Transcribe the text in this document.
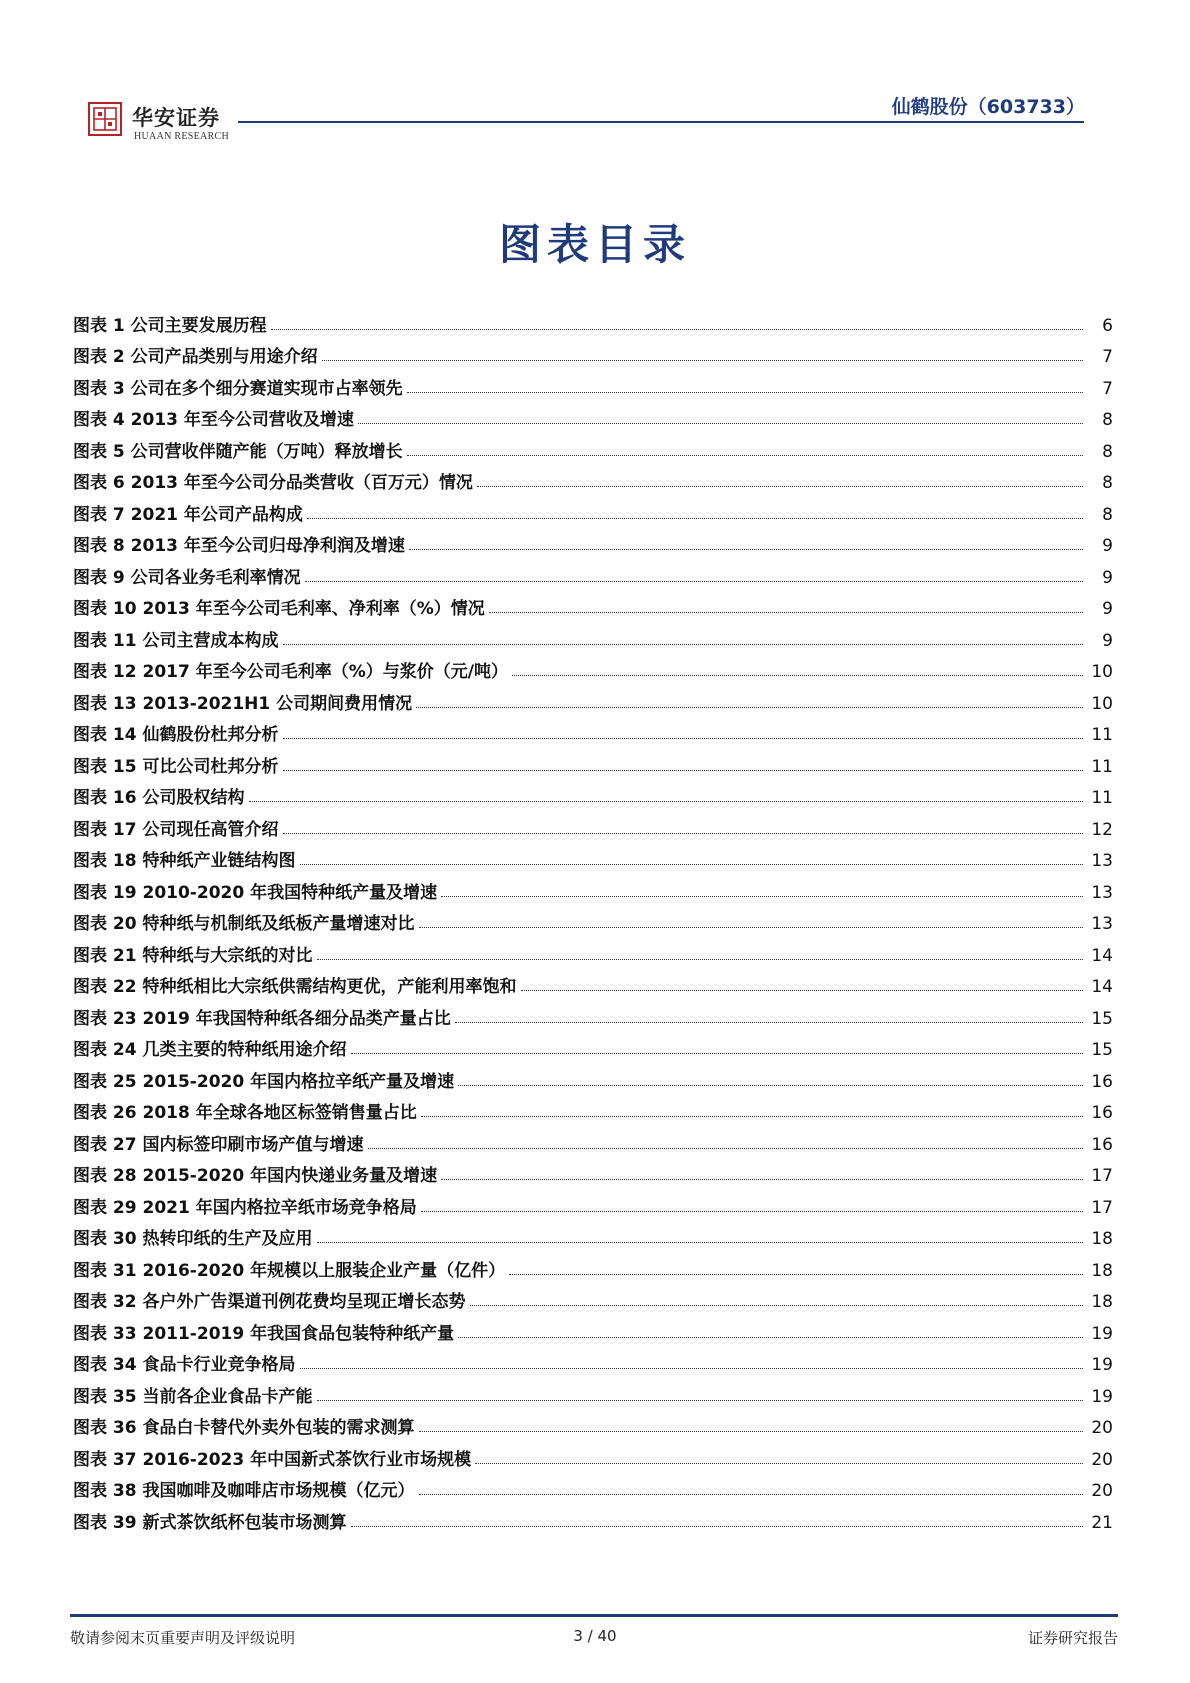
华安证券
HUAAN RESEARCH
仙鹤股份（603733）
图表目录
图表 1 公司主要发展历程	6
图表 2 公司产品类别与用途介绍	7
图表 3 公司在多个细分赛道实现市占率领先	7
图表 4 2013 年至今公司营收及增速	8
图表 5 公司营收伴随产能（万吨）释放增长	8
图表 6 2013 年至今公司分品类营收（百万元）情况	8
图表 7 2021 年公司产品构成	8
图表 8 2013 年至今公司归母净利润及增速	9
图表 9 公司各业务毛利率情况	9
图表 10 2013 年至今公司毛利率、净利率（%）情况	9
图表 11 公司主营成本构成	9
图表 12 2017 年至今公司毛利率（%）与浆价（元/吨）	10
图表 13 2013-2021H1 公司期间费用情况	10
图表 14 仙鹤股份杜邦分析	11
图表 15 可比公司杜邦分析	11
图表 16 公司股权结构	11
图表 17 公司现任高管介绍	12
图表 18 特种纸产业链结构图	13
图表 19 2010-2020 年我国特种纸产量及增速	13
图表 20 特种纸与机制纸及纸板产量增速对比	13
图表 21 特种纸与大宗纸的对比	14
图表 22 特种纸相比大宗纸供需结构更优，产能利用率饱和	14
图表 23 2019 年我国特种纸各细分品类产量占比	15
图表 24 几类主要的特种纸用途介绍	15
图表 25 2015-2020 年国内格拉辛纸产量及增速	16
图表 26 2018 年全球各地区标签销售量占比	16
图表 27 国内标签印刷市场产值与增速	16
图表 28 2015-2020 年国内快递业务量及增速	17
图表 29 2021 年国内格拉辛纸市场竞争格局	17
图表 30 热转印纸的生产及应用	18
图表 31 2016-2020 年规模以上服装企业产量（亿件）	18
图表 32 各户外广告渠道刊例花费均呈现正增长态势	18
图表 33 2011-2019 年我国食品包装特种纸产量	19
图表 34 食品卡行业竞争格局	19
图表 35 当前各企业食品卡产能	19
图表 36 食品白卡替代外卖外包装的需求测算	20
图表 37 2016-2023 年中国新式茶饮行业市场规模	20
图表 38 我国咖啡及咖啡店市场规模（亿元）	20
图表 39 新式茶饮纸杯包装市场测算	21
敬请参阅末页重要声明及评级说明	3 / 40	证券研究报告
